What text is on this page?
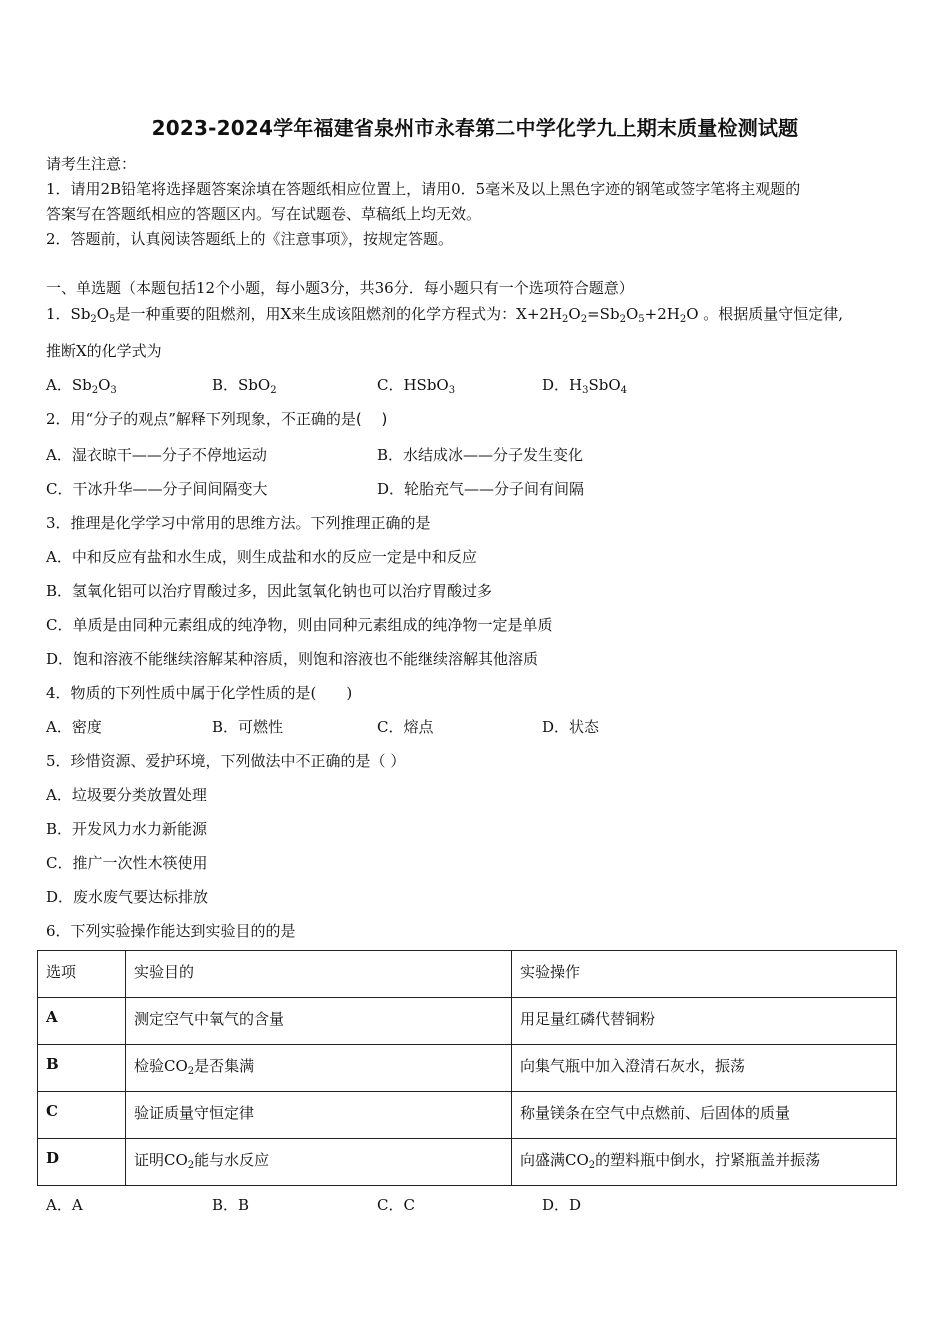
2023-2024学年福建省泉州市永春第二中学化学九上期末质量检测试题
请考生注意：
1．请用2B铅笔将选择题答案涂填在答题纸相应位置上，请用0．5毫米及以上黑色字迹的钢笔或签字笔将主观题的
答案写在答题纸相应的答题区内。写在试题卷、草稿纸上均无效。
2．答题前，认真阅读答题纸上的《注意事项》，按规定答题。
一、单选题（本题包括12个小题，每小题3分，共36分．每小题只有一个选项符合题意）
1．$Sb_2O_5$是一种重要的阻燃剂，用X来生成该阻燃剂的化学方程式为：$X+2H_2O_2=Sb_2O_5+2H_2O$ 。根据质量守恒定律,
推断X的化学式为
A．$Sb_2O_3$	B．SbO$_2$	C．HSbO$_3$	D．$H_3SbO_4$
2．用“分子的观点”解释下列现象，不正确的是(　 )
A．湿衣晾干——分子不停地运动	B．水结成冰——分子发生变化
C．干冰升华——分子间间隔变大	D．轮胎充气——分子间有间隔
3．推理是化学学习中常用的思维方法。下列推理正确的是
A．中和反应有盐和水生成，则生成盐和水的反应一定是中和反应
B．氢氧化铝可以治疗胃酸过多，因此氢氧化钠也可以治疗胃酸过多
C．单质是由同种元素组成的纯净物，则由同种元素组成的纯净物一定是单质
D．饱和溶液不能继续溶解某种溶质，则饱和溶液也不能继续溶解其他溶质
4．物质的下列性质中属于化学性质的是(　　)
A．密度	B．可燃性	C．熔点	D．状态
5．珍惜资源、爱护环境，下列做法中不正确的是（ ）
A．垃圾要分类放置处理
B．开发风力水力新能源
C．推广一次性木筷使用
D．废水废气要达标排放
6．下列实验操作能达到实验目的的是
选项	实验目的	实验操作
A	测定空气中氧气的含量	用足量红磷代替铜粉
B	检验$CO_2$是否集满	向集气瓶中加入澄清石灰水，振荡
C	验证质量守恒定律	称量镁条在空气中点燃前、后固体的质量
D	证明$CO_2$能与水反应	向盛满$CO_2$的塑料瓶中倒水，拧紧瓶盖并振荡
A．A	B．B	C．C	D．D
